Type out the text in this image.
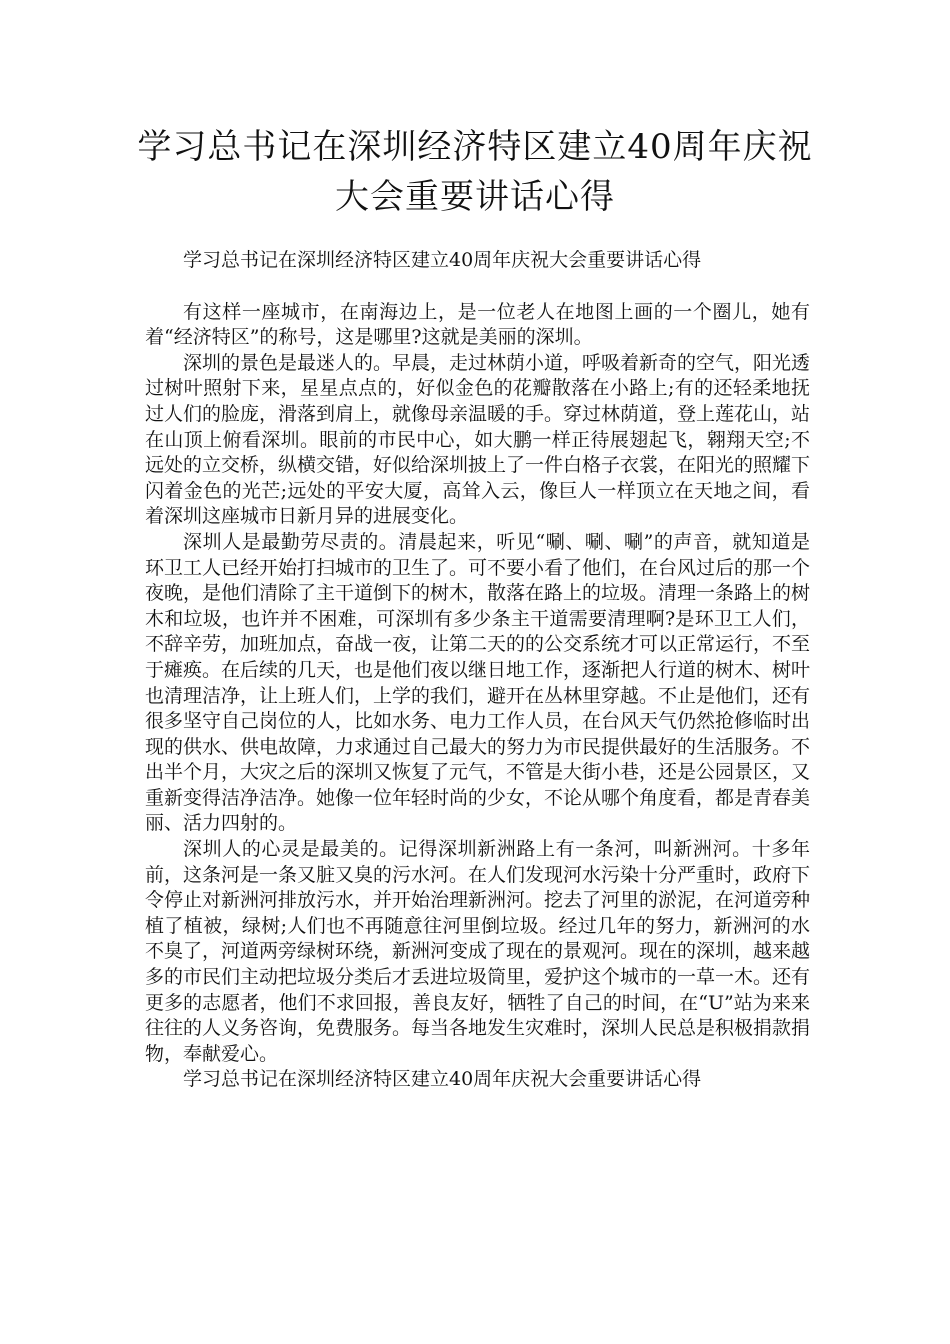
学习总书记在深圳经济特区建立40周年庆祝大会重要讲话心得

学习总书记在深圳经济特区建立40周年庆祝大会重要讲话心得

有这样一座城市，在南海边上，是一位老人在地图上画的一个圈儿，她有着“经济特区”的称号，这是哪里?这就是美丽的深圳。

深圳的景色是最迷人的。早晨，走过林荫小道，呼吸着新奇的空气，阳光透过树叶照射下来，星星点点的，好似金色的花瓣散落在小路上;有的还轻柔地抚过人们的脸庞，滑落到肩上，就像母亲温暖的手。穿过林荫道，登上莲花山，站在山顶上俯看深圳。眼前的市民中心，如大鹏一样正待展翅起飞，翱翔天空;不远处的立交桥，纵横交错，好似给深圳披上了一件白格子衣裳，在阳光的照耀下闪着金色的光芒;远处的平安大厦，高耸入云，像巨人一样顶立在天地之间，看着深圳这座城市日新月异的进展变化。

深圳人是最勤劳尽责的。清晨起来，听见“唰、唰、唰”的声音，就知道是环卫工人已经开始打扫城市的卫生了。可不要小看了他们，在台风过后的那一个夜晚，是他们清除了主干道倒下的树木，散落在路上的垃圾。清理一条路上的树木和垃圾，也许并不困难，可深圳有多少条主干道需要清理啊?是环卫工人们，不辞辛劳，加班加点，奋战一夜，让第二天的的公交系统才可以正常运行，不至于瘫痪。在后续的几天，也是他们夜以继日地工作，逐渐把人行道的树木、树叶也清理洁净，让上班人们，上学的我们，避开在丛林里穿越。不止是他们，还有很多坚守自己岗位的人，比如水务、电力工作人员，在台风天气仍然抢修临时出现的供水、供电故障，力求通过自己最大的努力为市民提供最好的生活服务。不出半个月，大灾之后的深圳又恢复了元气，不管是大街小巷，还是公园景区，又重新变得洁净洁净。她像一位年轻时尚的少女，不论从哪个角度看，都是青春美丽、活力四射的。

深圳人的心灵是最美的。记得深圳新洲路上有一条河，叫新洲河。十多年前，这条河是一条又脏又臭的污水河。在人们发现河水污染十分严重时，政府下令停止对新洲河排放污水，并开始治理新洲河。挖去了河里的淤泥，在河道旁种植了植被，绿树;人们也不再随意往河里倒垃圾。经过几年的努力，新洲河的水不臭了，河道两旁绿树环绕，新洲河变成了现在的景观河。现在的深圳，越来越多的市民们主动把垃圾分类后才丢进垃圾筒里，爱护这个城市的一草一木。还有更多的志愿者，他们不求回报，善良友好，牺牲了自己的时间，在“U”站为来来往往的人义务咨询，免费服务。每当各地发生灾难时，深圳人民总是积极捐款捐物，奉献爱心。

学习总书记在深圳经济特区建立40周年庆祝大会重要讲话心得
